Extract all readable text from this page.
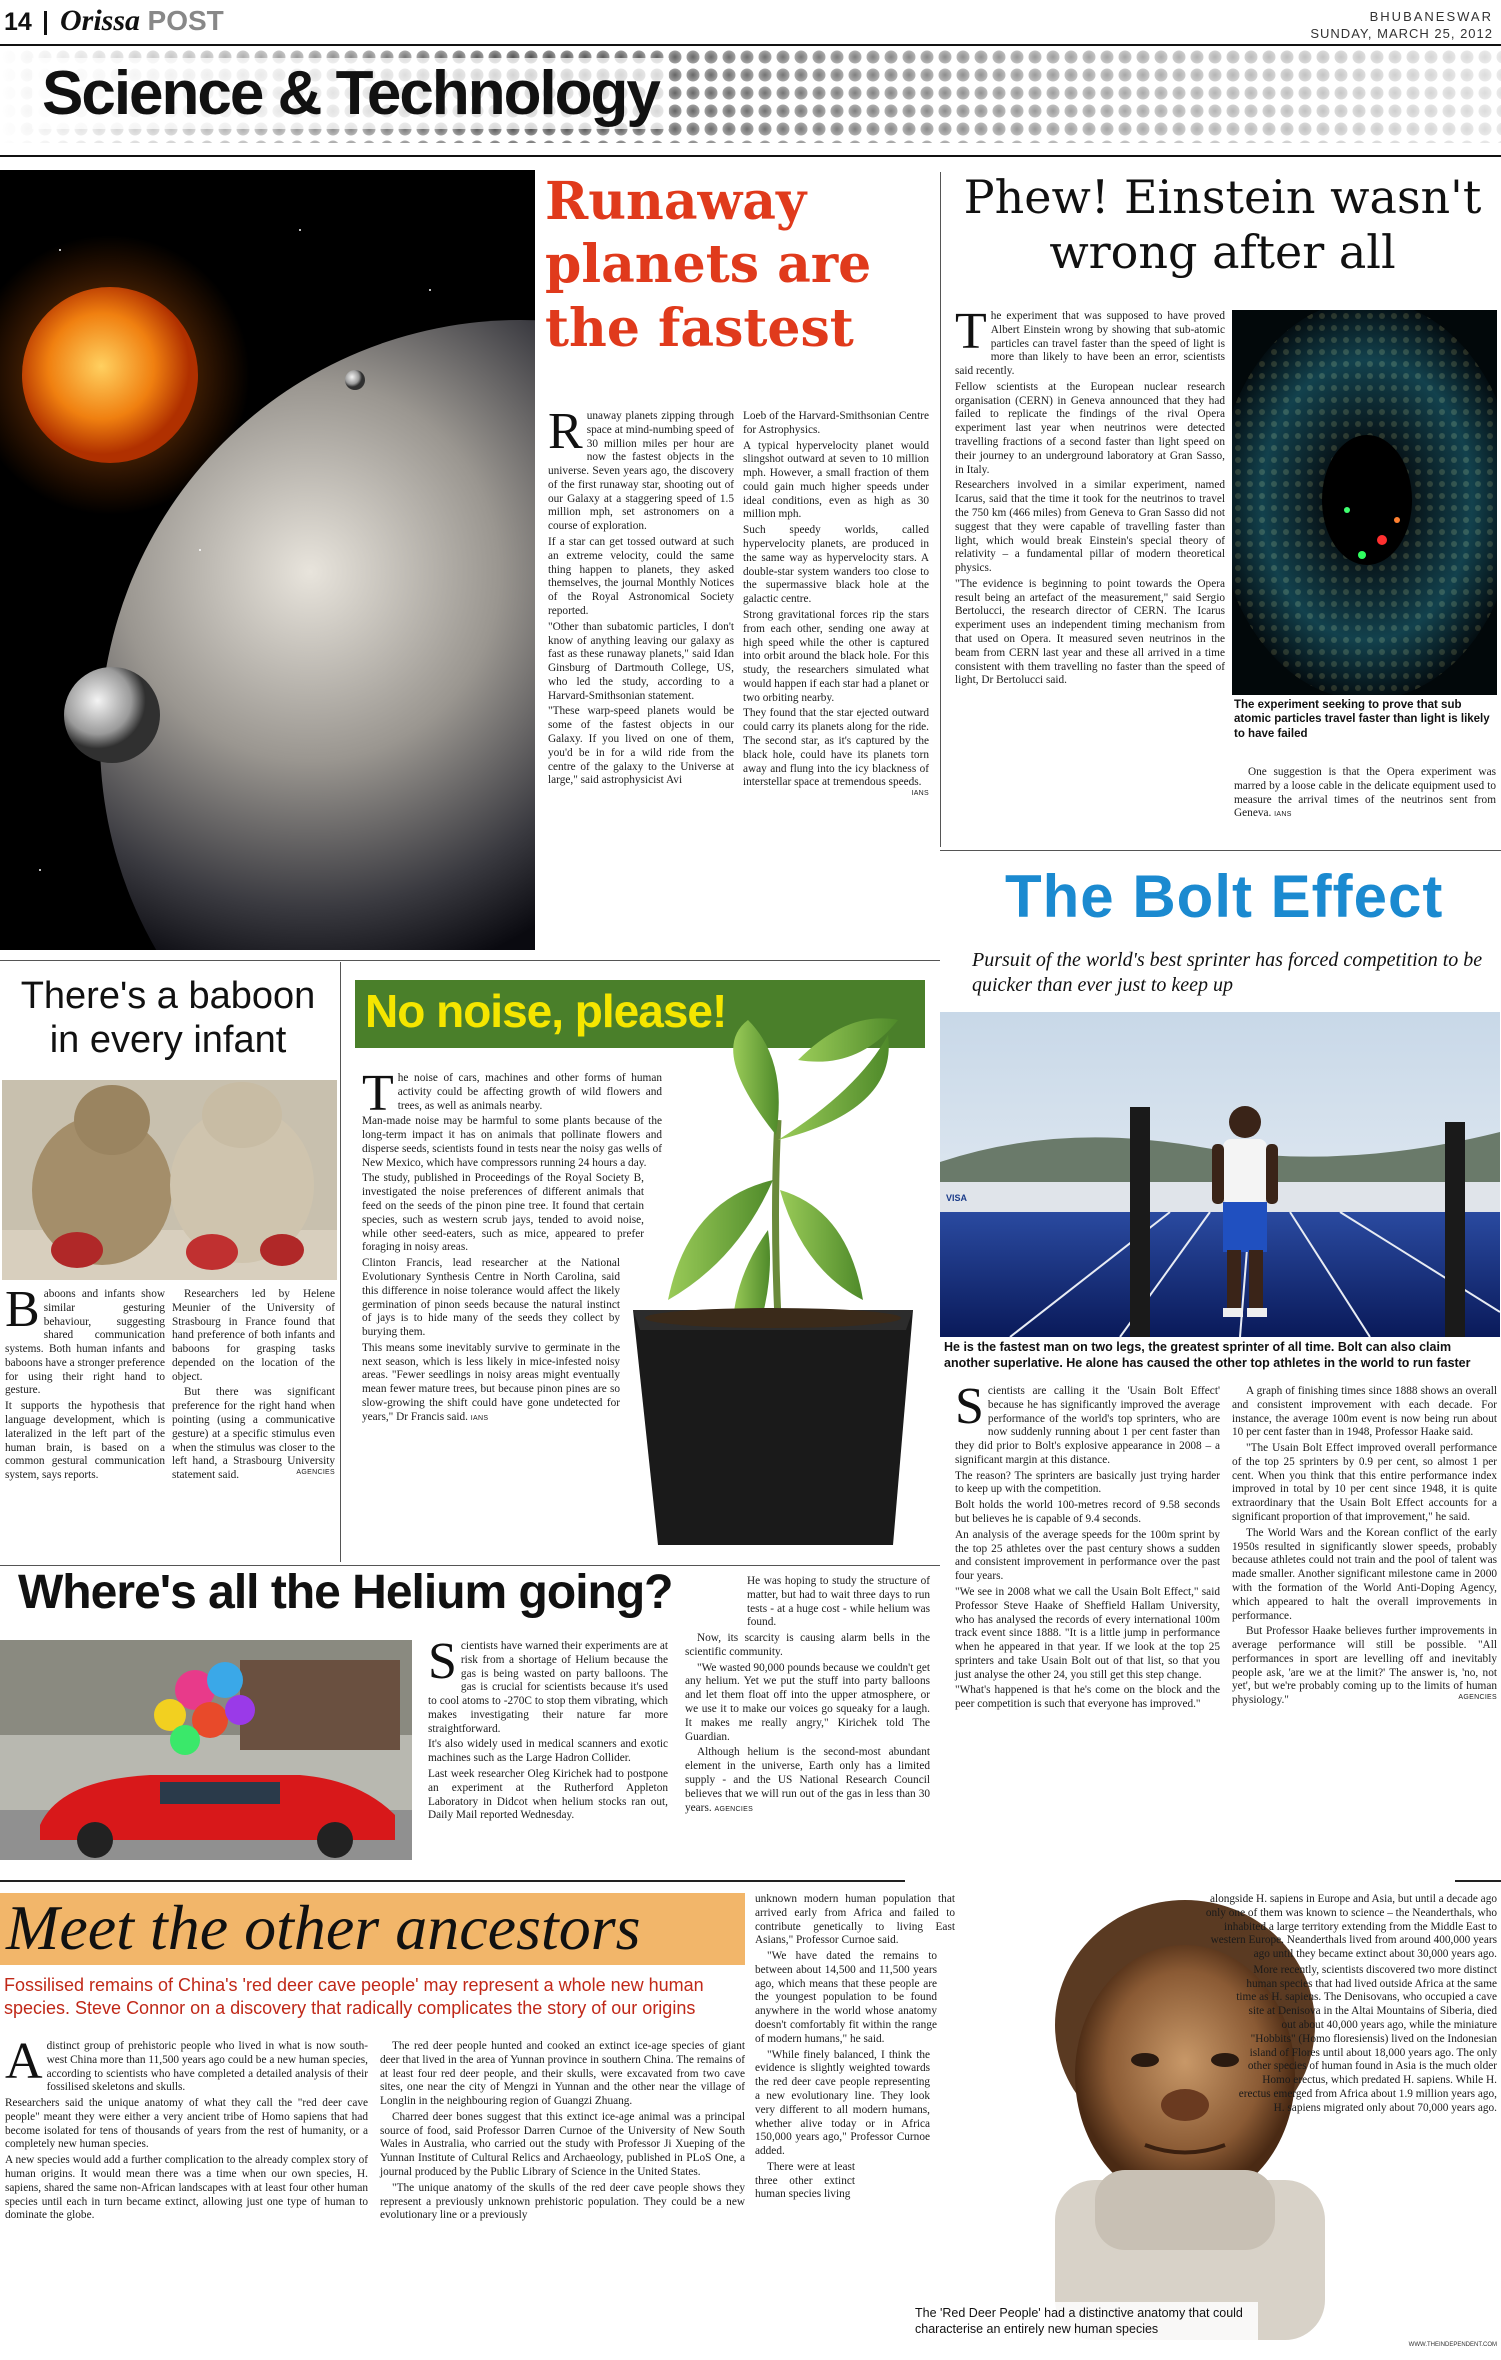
14 Orissa POST	BHUBANESWAR
SUNDAY, MARCH 25, 2012
Science & Technology
Runaway planets are the fastest

Runaway planets zipping through space at mind-numbing speed of 30 million miles per hour are now the fastest objects in the universe. Seven years ago, the discovery of the first runaway star, shooting out of our Galaxy at a staggering speed of 1.5 million mph, set astronomers on a course of exploration.

If a star can get tossed outward at such an extreme velocity, could the same thing happen to planets, they asked themselves, the journal Monthly Notices of the Royal Astronomical Society reported.

"Other than subatomic particles, I don't know of anything leaving our galaxy as fast as these runaway planets," said Idan Ginsburg of Dartmouth College, US, who led the study, according to a Harvard-Smithsonian statement.

"These warp-speed planets would be some of the fastest objects in our Galaxy. If you lived on one of them, you'd be in for a wild ride from the centre of the galaxy to the Universe at large," said astrophysicist Avi

Loeb of the Harvard-Smithsonian Centre for Astrophysics.

A typical hypervelocity planet would slingshot outward at seven to 10 million mph. However, a small fraction of them could gain much higher speeds under ideal conditions, even as high as 30 million mph.

Such speedy worlds, called hypervelocity planets, are produced in the same way as hypervelocity stars. A double-star system wanders too close to the supermassive black hole at the galactic centre.

Strong gravitational forces rip the stars from each other, sending one away at high speed while the other is captured into orbit around the black hole. For this study, the researchers simulated what would happen if each star had a planet or two orbiting nearby.

They found that the star ejected outward could carry its planets along for the ride. The second star, as it's captured by the black hole, could have its planets torn away and flung into the icy blackness of interstellar space at tremendous speeds.
IANS

Phew! Einstein wasn't wrong after all

The experiment that was supposed to have proved Albert Einstein wrong by showing that sub-atomic particles can travel faster than the speed of light is more than likely to have been an error, scientists said recently.

Fellow scientists at the European nuclear research organisation (CERN) in Geneva announced that they had failed to replicate the findings of the rival Opera experiment last year when neutrinos were detected travelling fractions of a second faster than light speed on their journey to an underground laboratory at Gran Sasso, in Italy.

Researchers involved in a similar experiment, named Icarus, said that the time it took for the neutrinos to travel the 750 km (466 miles) from Geneva to Gran Sasso did not suggest that they were capable of travelling faster than light, which would break Einstein's special theory of relativity – a fundamental pillar of modern theoretical physics.

"The evidence is beginning to point towards the Opera result being an artefact of the measurement," said Sergio Bertolucci, the research director of CERN. The Icarus experiment uses an independent timing mechanism from that used on Opera. It measured seven neutrinos in the beam from CERN last year and these all arrived in a time consistent with them travelling no faster than the speed of light, Dr Bertolucci said.

The experiment seeking to prove that sub atomic particles travel faster than light is likely to have failed

One suggestion is that the Opera experiment was marred by a loose cable in the delicate equipment used to measure the arrival times of the neutrinos sent from Geneva. IANS

The Bolt Effect
Pursuit of the world's best sprinter has forced competition to be quicker than ever just to keep up
VISA
He is the fastest man on two legs, the greatest sprinter of all time. Bolt can also claim another superlative. He alone has caused the other top athletes in the world to run faster

Scientists are calling it the 'Usain Bolt Effect' because he has significantly improved the average performance of the world's top sprinters, who are now suddenly running about 1 per cent faster than they did prior to Bolt's explosive appearance in 2008 – a significant margin at this distance.

The reason? The sprinters are basically just trying harder to keep up with the competition.

Bolt holds the world 100-metres record of 9.58 seconds but believes he is capable of 9.4 seconds.

An analysis of the average speeds for the 100m sprint by the top 25 athletes over the past century shows a sudden and consistent improvement in performance over the past four years.

"We see in 2008 what we call the Usain Bolt Effect," said Professor Steve Haake of Sheffield Hallam University, who has analysed the records of every international 100m track event since 1888. "It is a little jump in performance when he appeared in that year. If we look at the top 25 sprinters and take Usain Bolt out of that list, so that you just analyse the other 24, you still get this step change.

"What's happened is that he's come on the block and the peer competition is such that everyone has improved."

A graph of finishing times since 1888 shows an overall and consistent improvement with each decade. For instance, the average 100m event is now being run about 10 per cent faster than in 1948, Professor Haake said.

"The Usain Bolt Effect improved overall performance of the top 25 sprinters by 0.9 per cent, so almost 1 per cent. When you think that this entire performance index improved in total by 10 per cent since 1948, it is quite extraordinary that the Usain Bolt Effect accounts for a significant proportion of that improvement," he said.

The World Wars and the Korean conflict of the early 1950s resulted in significantly slower speeds, probably because athletes could not train and the pool of talent was made smaller. Another significant milestone came in 2000 with the formation of the World Anti-Doping Agency, which appeared to halt the overall improvements in performance.

But Professor Haake believes further improvements in average performance will still be possible. "All performances in sport are levelling off and inevitably people ask, 'are we at the limit?' The answer is, 'no, not yet', but we're probably coming up to the limits of human physiology."	AGENCIES

There's a baboon in every infant

Baboons and infants show similar gesturing behaviour, suggesting shared communication systems. Both human infants and baboons have a stronger preference for using their right hand to gesture.

It supports the hypothesis that language development, which is lateralized in the left part of the human brain, is based on a common gestural communication system, says reports.

Researchers led by Helene Meunier of the University of Strasbourg in France found that hand preference of both infants and baboons for grasping tasks depended on the location of the object.

But there was significant preference for the right hand when pointing (using a communicative gesture) at a specific stimulus even when the stimulus was closer to the left hand, a Strasbourg University statement said.	AGENCIES

No noise, please!

The noise of cars, machines and other forms of human activity could be affecting growth of wild flowers and trees, as well as animals nearby.

Man-made noise may be harmful to some plants because of the long-term impact it has on animals that pollinate flowers and disperse seeds, scientists found in tests near the noisy gas wells of New Mexico, which have compressors running 24 hours a day.

The study, published in Proceedings of the Royal Society B, investigated the noise preferences of different animals that feed on the seeds of the pinon pine tree. It found that certain species, such as western scrub jays, tended to avoid noise, while other seed-eaters, such as mice, appeared to prefer foraging in noisy areas.

Clinton Francis, lead researcher at the National Evolutionary Synthesis Centre in North Carolina, said this difference in noise tolerance would affect the likely germination of pinon seeds because the natural instinct of jays is to hide many of the seeds they collect by burying them.

This means some inevitably survive to germinate in the next season, which is less likely in mice-infested noisy areas. "Fewer seedlings in noisy areas might eventually mean fewer mature trees, but because pinon pines are so slow-growing the shift could have gone undetected for years," Dr Francis said. IANS

Where's all the Helium going?

Scientists have warned their experiments are at risk from a shortage of Helium because the gas is being wasted on party balloons. The gas is crucial for scientists because it's used to cool atoms to -270C to stop them vibrating, which makes investigating their nature far more straightforward.

It's also widely used in medical scanners and exotic machines such as the Large Hadron Collider.

Last week researcher Oleg Kirichek had to postpone an experiment at the Rutherford Appleton Laboratory in Didcot when helium stocks ran out, Daily Mail reported Wednesday.

He was hoping to study the structure of matter, but had to wait three days to run tests - at a huge cost - while helium was found.

Now, its scarcity is causing alarm bells in the scientific community.

"We wasted 90,000 pounds because we couldn't get any helium. Yet we put the stuff into party balloons and let them float off into the upper atmosphere, or we use it to make our voices go squeaky for a laugh. It makes me really angry," Kirichek told The Guardian.

Although helium is the second-most abundant element in the universe, Earth only has a limited supply - and the US National Research Council believes that we will run out of the gas in less than 30 years. AGENCIES

Meet the other ancestors
Fossilised remains of China's 'red deer cave people' may represent a whole new human species. Steve Connor on a discovery that radically complicates the story of our origins

Adistinct group of prehistoric people who lived in what is now south-west China more than 11,500 years ago could be a new human species, according to scientists who have completed a detailed analysis of their fossilised skeletons and skulls.

Researchers said the unique anatomy of what they call the "red deer cave people" meant they were either a very ancient tribe of Homo sapiens that had become isolated for tens of thousands of years from the rest of humanity, or a completely new human species.

A new species would add a further complication to the already complex story of human origins. It would mean there was a time when our own species, H. sapiens, shared the same non-African landscapes with at least four other human species until each in turn became extinct, allowing just one type of human to dominate the globe.

The red deer people hunted and cooked an extinct ice-age species of giant deer that lived in the area of Yunnan province in southern China. The remains of at least four red deer people, and their skulls, were excavated from two cave sites, one near the city of Mengzi in Yunnan and the other near the village of Longlin in the neighbouring region of Guangzi Zhuang.

Charred deer bones suggest that this extinct ice-age animal was a principal source of food, said Professor Darren Curnoe of the University of New South Wales in Australia, who carried out the study with Professor Ji Xueping of the Yunnan Institute of Cultural Relics and Archaeology, published in PLoS One, a journal produced by the Public Library of Science in the United States.

"The unique anatomy of the skulls of the red deer cave people shows they represent a previously unknown prehistoric population. They could be a new evolutionary line or a previously

unknown modern human population that arrived early from Africa and failed to contribute genetically to living East Asians," Professor Curnoe said.

"We have dated the remains to between about 14,500 and 11,500 years ago, which means that these people are the youngest population to be found anywhere in the world whose anatomy doesn't comfortably fit within the range of modern humans," he said.

"While finely balanced, I think the evidence is slightly weighted towards the red deer cave people representing a new evolutionary line. They look very different to all modern humans, whether alive today or in Africa 150,000 years ago," Professor Curnoe added.

There were at least three other extinct human species living

alongside H. sapiens in Europe and Asia, but until a decade ago only one of them was known to science – the Neanderthals, who inhabited a large territory extending from the Middle East to western Europe. Neanderthals lived from around 400,000 years ago until they became extinct about 30,000 years ago.

More recently, scientists discovered two more distinct human species that had lived outside Africa at the same time as H. sapiens. The Denisovans, who occupied a cave site at Denisova in the Altai Mountains of Siberia, died out about 40,000 years ago, while the miniature "Hobbits" (Homo floresiensis) lived on the Indonesian island of Flores until about 18,000 years ago. The only other species of human found in Asia is the much older Homo erectus, which predated H. sapiens. While H. erectus emerged from Africa about 1.9 million years ago, H. sapiens migrated only about 70,000 years ago.

The 'Red Deer People' had a distinctive anatomy that could characterise an entirely new human species
WWW.THEINDEPENDENT.COM
